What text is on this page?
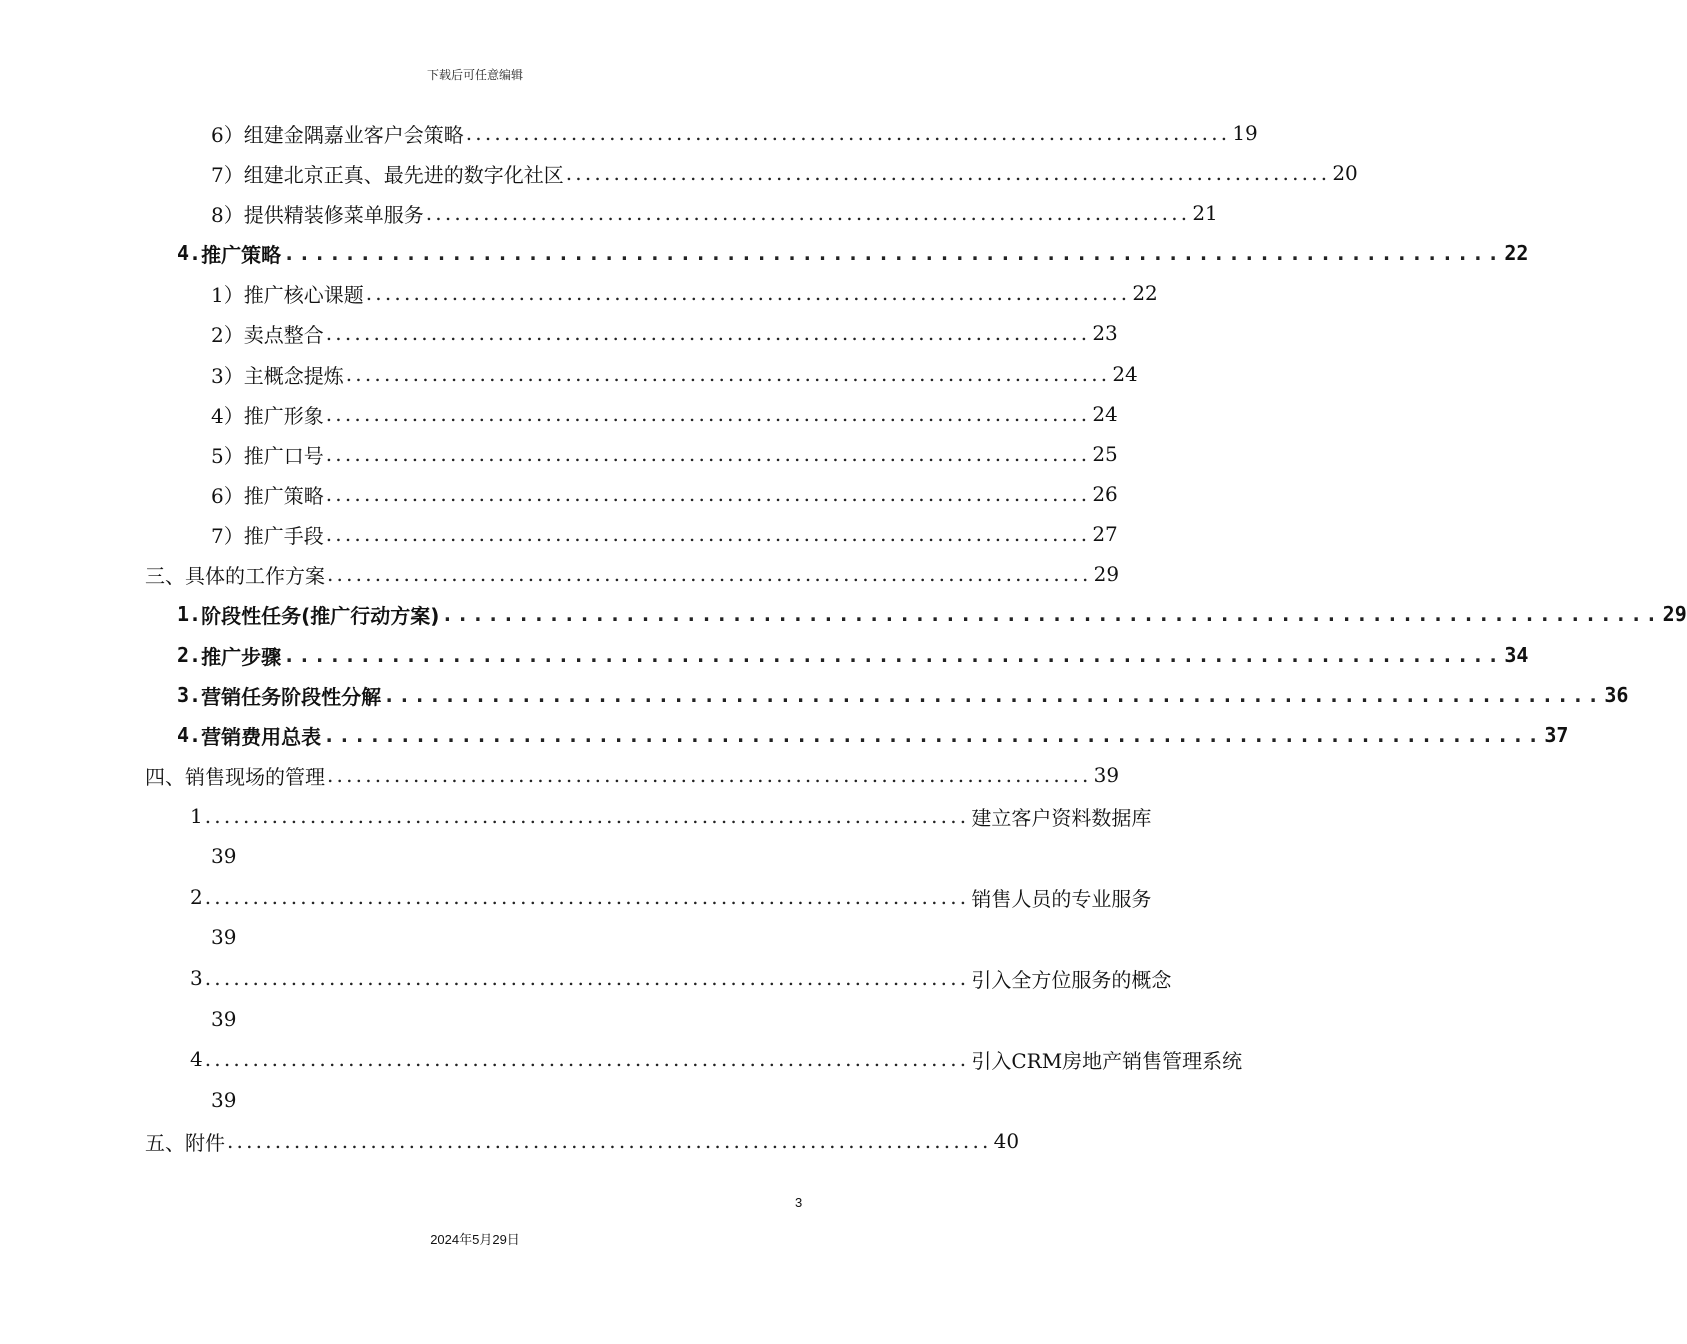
下载后可任意编辑
6） 组建金隅嘉业客户会策略 ................................................................................ 19
7） 组建北京正真、最先进的数字化社区 ................................................................................ 20
8） 提供精装修菜单服务 ................................................................................ 21
4. 推广策略 ................................................................................ 22
1） 推广核心课题 ................................................................................ 22
2） 卖点整合 ................................................................................ 23
3） 主概念提炼 ................................................................................ 24
4） 推广形象 ................................................................................ 24
5） 推广口号 ................................................................................ 25
6） 推广策略 ................................................................................ 26
7） 推广手段 ................................................................................ 27
三、 具体的工作方案 ................................................................................ 29
1. 阶段性任务(推广行动方案) ................................................................................ 29
2. 推广步骤 ................................................................................ 34
3. 营销任务阶段性分解 ................................................................................ 36
4. 营销费用总表 ................................................................................ 37
四、 销售现场的管理 ................................................................................ 39
1 ................................................................................ 建立客户资料数据库
39
2 ................................................................................ 销售人员的专业服务
39
3 ................................................................................ 引入全方位服务的概念
39
4 ................................................................................ 引入CRM房地产销售管理系统
39
五、 附件 ................................................................................ 40
3
2024年5月29日
